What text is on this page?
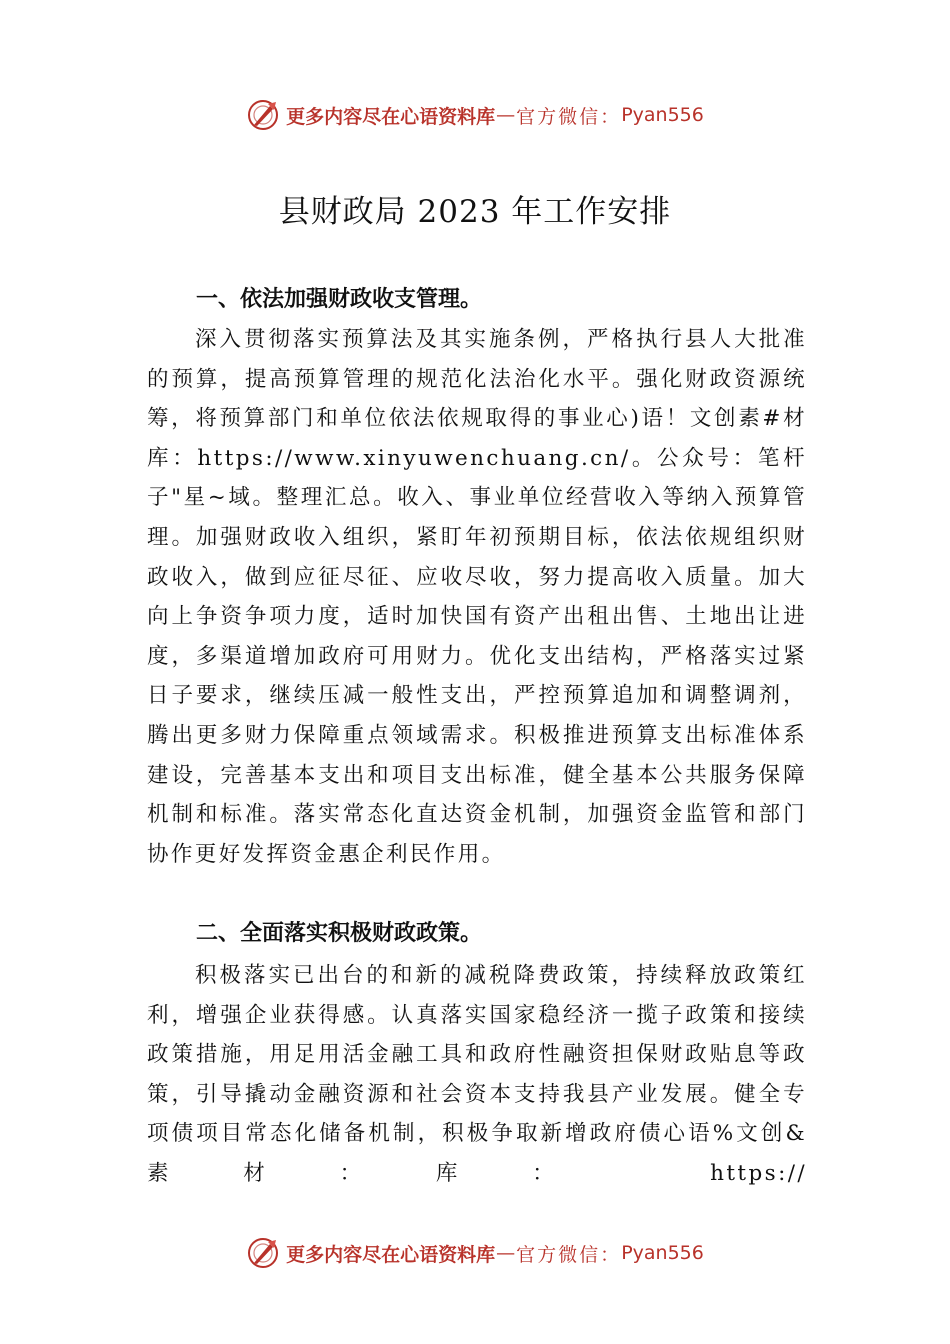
更多内容尽在心语资料库 — 官方微信： Pyan556
县财政局 2023 年工作安排
一、依法加强财政收支管理。
深入贯彻落实预算法及其实施条例，严格执行县人大批准的预算，提高预算管理的规范化法治化水平。强化财政资源统筹，将预算部门和单位依法依规取得的事业心)语！文创素#材库：https://www.xinyuwenchuang.cn/。公众号：笔杆子"星~域。整理汇总。收入、事业单位经营收入等纳入预算管理。加强财政收入组织，紧盯年初预期目标，依法依规组织财政收入，做到应征尽征、应收尽收，努力提高收入质量。加大向上争资争项力度，适时加快国有资产出租出售、土地出让进度，多渠道增加政府可用财力。优化支出结构，严格落实过紧日子要求，继续压减一般性支出，严控预算追加和调整调剂，腾出更多财力保障重点领域需求。积极推进预算支出标准体系建设，完善基本支出和项目支出标准，健全基本公共服务保障机制和标准。落实常态化直达资金机制，加强资金监管和部门协作更好发挥资金惠企利民作用。
二、全面落实积极财政政策。
积极落实已出台的和新的减税降费政策，持续释放政策红利，增强企业获得感。认真落实国家稳经济一揽子政策和接续政策措施，用足用活金融工具和政府性融资担保财政贴息等政策，引导撬动金融资源和社会资本支持我县产业发展。健全专项债项目常态化储备机制，积极争取新增政府债心语%文创&素材：库： https://
更多内容尽在心语资料库 — 官方微信： Pyan556
